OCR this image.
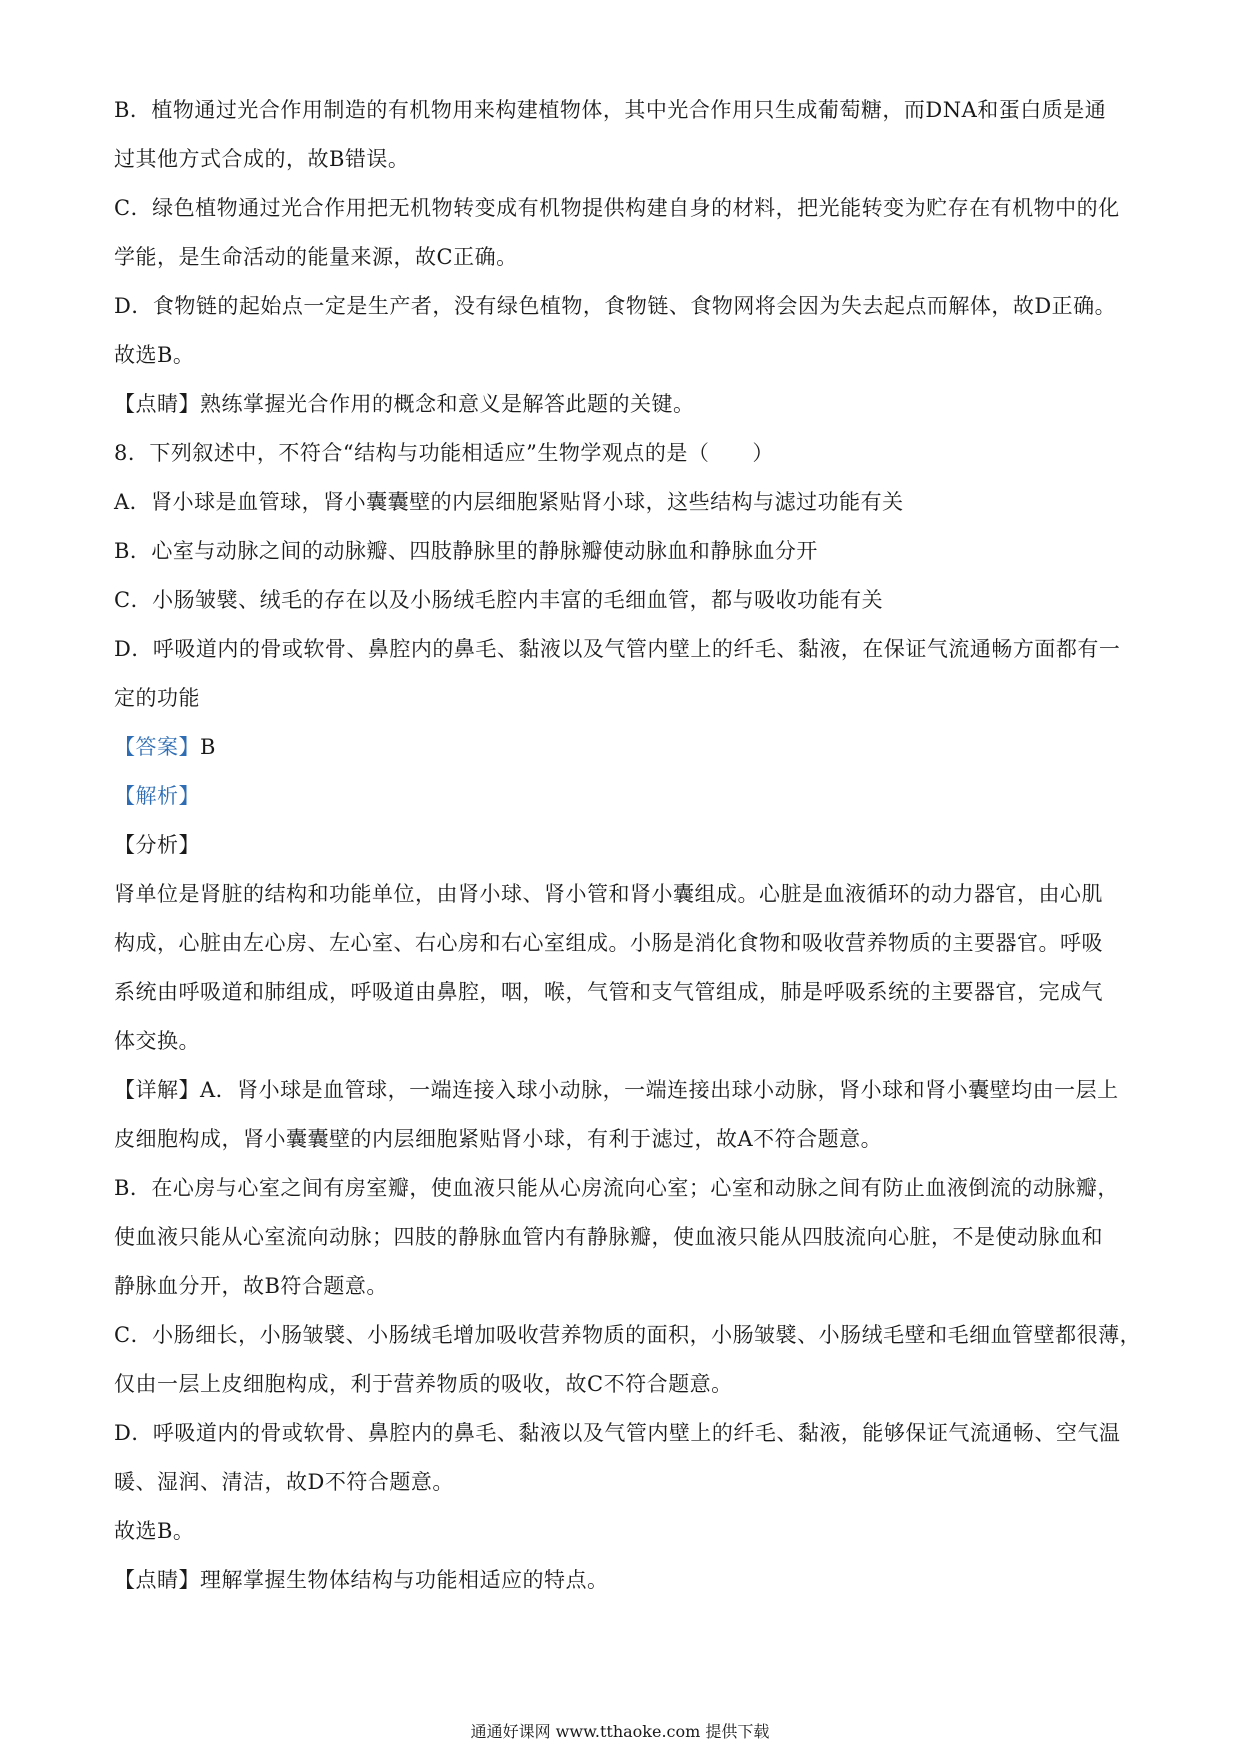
B．植物通过光合作用制造的有机物用来构建植物体，其中光合作用只生成葡萄糖，而DNA和蛋白质是通

过其他方式合成的，故B错误。

C．绿色植物通过光合作用把无机物转变成有机物提供构建自身的材料，把光能转变为贮存在有机物中的化

学能，是生命活动的能量来源，故C正确。

D．食物链的起始点一定是生产者，没有绿色植物，食物链、食物网将会因为失去起点而解体，故D正确。

故选B。

【点睛】熟练掌握光合作用的概念和意义是解答此题的关键。

8．下列叙述中，不符合“结构与功能相适应”生物学观点的是（　　）

A．肾小球是血管球，肾小囊囊壁的内层细胞紧贴肾小球，这些结构与滤过功能有关

B．心室与动脉之间的动脉瓣、四肢静脉里的静脉瓣使动脉血和静脉血分开

C．小肠皱襞、绒毛的存在以及小肠绒毛腔内丰富的毛细血管，都与吸收功能有关

D．呼吸道内的骨或软骨、鼻腔内的鼻毛、黏液以及气管内壁上的纤毛、黏液，在保证气流通畅方面都有一

定的功能

【答案】B

【解析】

【分析】

肾单位是肾脏的结构和功能单位，由肾小球、肾小管和肾小囊组成。心脏是血液循环的动力器官，由心肌

构成，心脏由左心房、左心室、右心房和右心室组成。小肠是消化食物和吸收营养物质的主要器官。呼吸

系统由呼吸道和肺组成，呼吸道由鼻腔，咽，喉，气管和支气管组成，肺是呼吸系统的主要器官，完成气

体交换。

【详解】A．肾小球是血管球，一端连接入球小动脉，一端连接出球小动脉，肾小球和肾小囊壁均由一层上

皮细胞构成，肾小囊囊壁的内层细胞紧贴肾小球，有利于滤过，故A不符合题意。

B．在心房与心室之间有房室瓣，使血液只能从心房流向心室；心室和动脉之间有防止血液倒流的动脉瓣，

使血液只能从心室流向动脉；四肢的静脉血管内有静脉瓣，使血液只能从四肢流向心脏，不是使动脉血和

静脉血分开，故B符合题意。

C．小肠细长，小肠皱襞、小肠绒毛增加吸收营养物质的面积，小肠皱襞、小肠绒毛壁和毛细血管壁都很薄，

仅由一层上皮细胞构成，利于营养物质的吸收，故C不符合题意。

D．呼吸道内的骨或软骨、鼻腔内的鼻毛、黏液以及气管内壁上的纤毛、黏液，能够保证气流通畅、空气温

暖、湿润、清洁，故D不符合题意。

故选B。

【点睛】理解掌握生物体结构与功能相适应的特点。

通通好课网 www.tthaoke.com 提供下载
